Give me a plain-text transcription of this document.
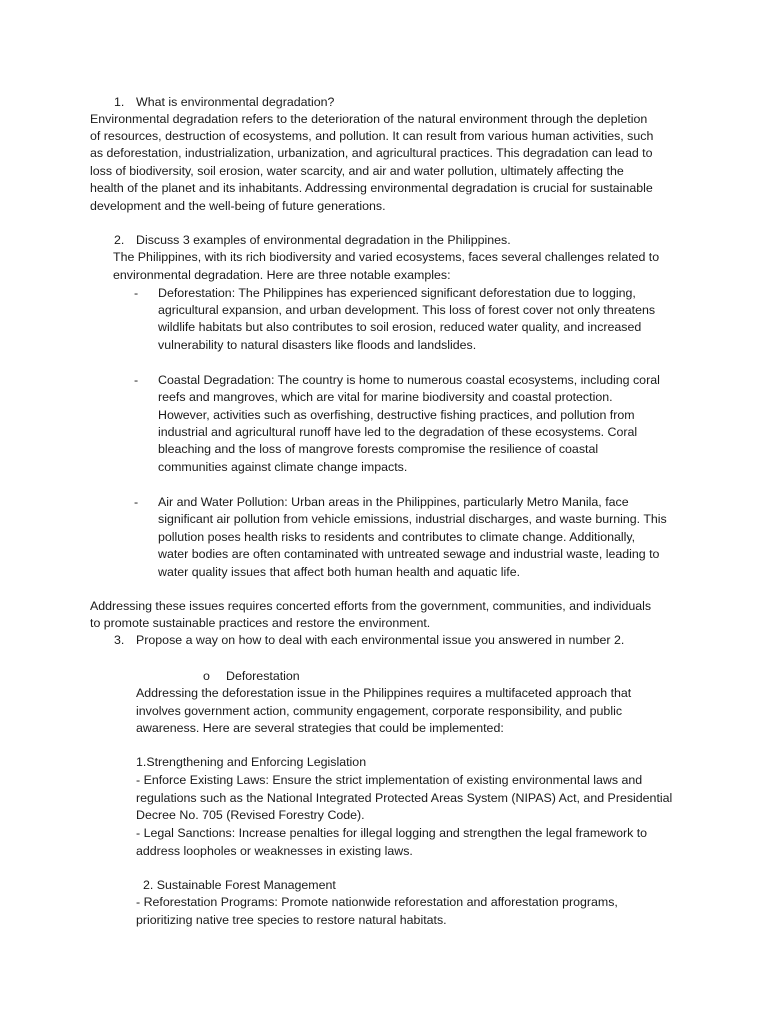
1. What is environmental degradation?
Environmental degradation refers to the deterioration of the natural environment through the depletion
of resources, destruction of ecosystems, and pollution. It can result from various human activities, such
as deforestation, industrialization, urbanization, and agricultural practices. This degradation can lead to
loss of biodiversity, soil erosion, water scarcity, and air and water pollution, ultimately affecting the
health of the planet and its inhabitants. Addressing environmental degradation is crucial for sustainable
development and the well-being of future generations.
2. Discuss 3 examples of environmental degradation in the Philippines.
The Philippines, with its rich biodiversity and varied ecosystems, faces several challenges related to
environmental degradation. Here are three notable examples:
- Deforestation: The Philippines has experienced significant deforestation due to logging,
agricultural expansion, and urban development. This loss of forest cover not only threatens
wildlife habitats but also contributes to soil erosion, reduced water quality, and increased
vulnerability to natural disasters like floods and landslides.
- Coastal Degradation: The country is home to numerous coastal ecosystems, including coral
reefs and mangroves, which are vital for marine biodiversity and coastal protection.
However, activities such as overfishing, destructive fishing practices, and pollution from
industrial and agricultural runoff have led to the degradation of these ecosystems. Coral
bleaching and the loss of mangrove forests compromise the resilience of coastal
communities against climate change impacts.
- Air and Water Pollution: Urban areas in the Philippines, particularly Metro Manila, face
significant air pollution from vehicle emissions, industrial discharges, and waste burning. This
pollution poses health risks to residents and contributes to climate change. Additionally,
water bodies are often contaminated with untreated sewage and industrial waste, leading to
water quality issues that affect both human health and aquatic life.
Addressing these issues requires concerted efforts from the government, communities, and individuals
to promote sustainable practices and restore the environment.
3. Propose a way on how to deal with each environmental issue you answered in number 2.
o Deforestation
Addressing the deforestation issue in the Philippines requires a multifaceted approach that
involves government action, community engagement, corporate responsibility, and public
awareness. Here are several strategies that could be implemented:
1.Strengthening and Enforcing Legislation
- Enforce Existing Laws: Ensure the strict implementation of existing environmental laws and
regulations such as the National Integrated Protected Areas System (NIPAS) Act, and Presidential
Decree No. 705 (Revised Forestry Code).
- Legal Sanctions: Increase penalties for illegal logging and strengthen the legal framework to
address loopholes or weaknesses in existing laws.
2. Sustainable Forest Management
- Reforestation Programs: Promote nationwide reforestation and afforestation programs,
prioritizing native tree species to restore natural habitats.
